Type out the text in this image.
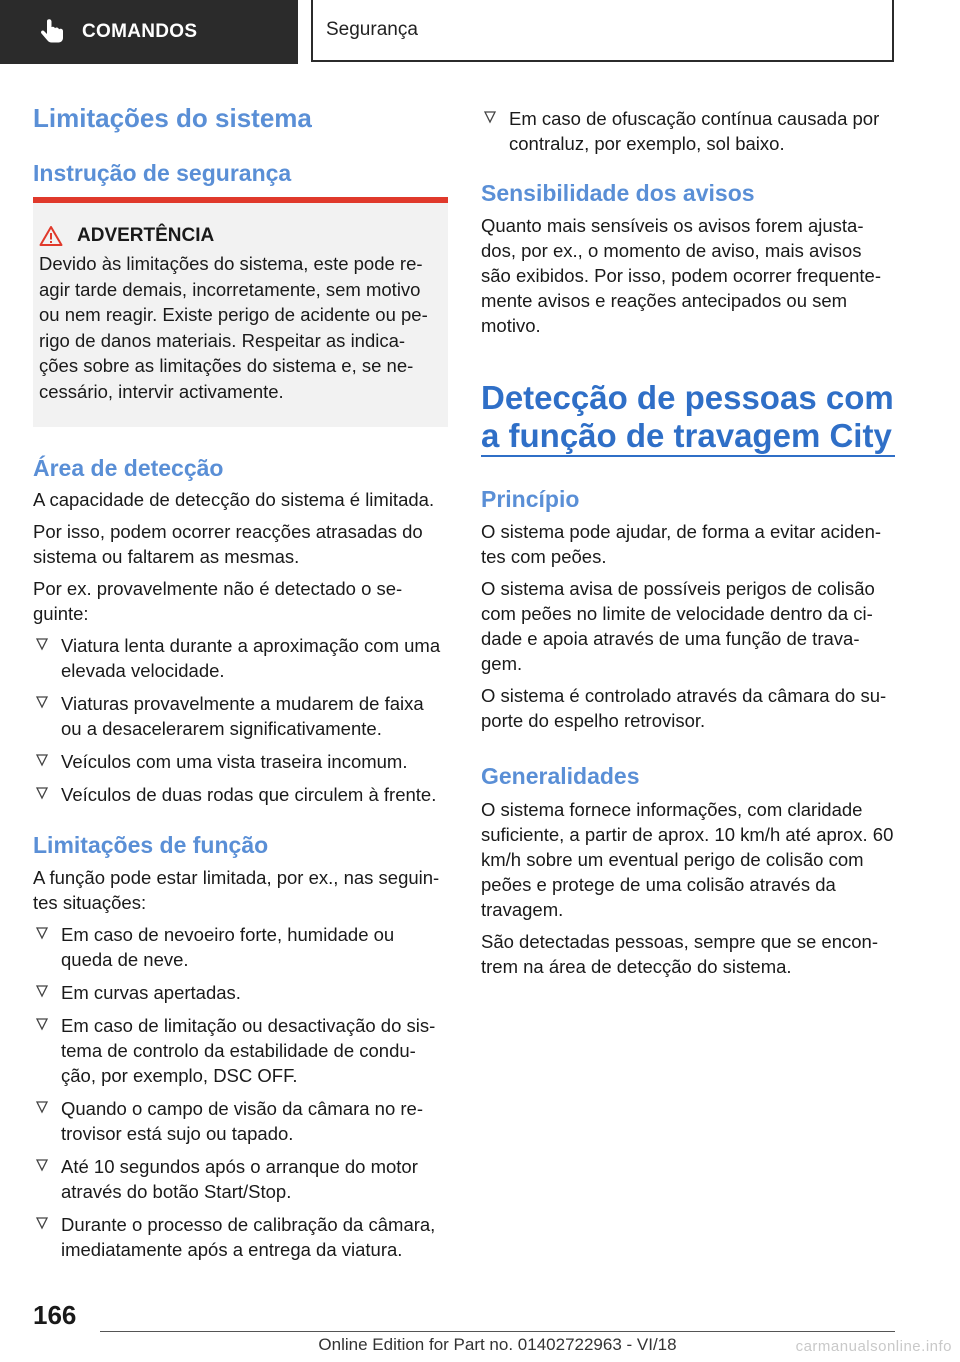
COMANDOS	Segurança
Limitações do sistema
Instrução de segurança
ADVERTÊNCIA

Devido às limitações do sistema, este pode re‐agir tarde demais, incorretamente, sem motivo ou nem reagir. Existe perigo de acidente ou pe‐rigo de danos materiais. Respeitar as indica‐ções sobre as limitações do sistema e, se ne‐cessário, intervir activamente.

Área de detecção

A capacidade de detecção do sistema é limitada.

Por isso, podem ocorrer reacções atrasadas do sistema ou faltarem as mesmas.

Por ex. provavelmente não é detectado o se‐guinte:

Viatura lenta durante a aproximação com uma elevada velocidade.
Viaturas provavelmente a mudarem de faixa ou a desacelerarem significativamente.
Veículos com uma vista traseira incomum.
Veículos de duas rodas que circulem à frente.
Limitações de função

A função pode estar limitada, por ex., nas seguin‐tes situações:

Em caso de nevoeiro forte, humidade ou queda de neve.
Em curvas apertadas.
Em caso de limitação ou desactivação do sis‐tema de controlo da estabilidade de condu‐ção, por exemplo, DSC OFF.
Quando o campo de visão da câmara no re‐trovisor está sujo ou tapado.
Até 10 segundos após o arranque do motor através do botão Start/Stop.
Durante o processo de calibração da câmara, imediatamente após a entrega da viatura.
Em caso de ofuscação contínua causada por contraluz, por exemplo, sol baixo.
Sensibilidade dos avisos

Quanto mais sensíveis os avisos forem ajusta‐dos, por ex., o momento de aviso, mais avisos são exibidos. Por isso, podem ocorrer frequente‐mente avisos e reações antecipados ou sem motivo.

Detecção de pessoas com a função de travagem City
Princípio

O sistema pode ajudar, de forma a evitar aciden‐tes com peões.

O sistema avisa de possíveis perigos de colisão com peões no limite de velocidade dentro da ci‐dade e apoia através de uma função de trava‐gem.

O sistema é controlado através da câmara do su‐porte do espelho retrovisor.

Generalidades

O sistema fornece informações, com claridade suficiente, a partir de aprox. 10 km/h até aprox. 60 km/h sobre um eventual perigo de colisão com peões e protege de uma colisão através da travagem.

São detectadas pessoas, sempre que se encon‐trem na área de detecção do sistema.

166
Online Edition for Part no. 01402722963 - VI/18	carmanualsonline.info
